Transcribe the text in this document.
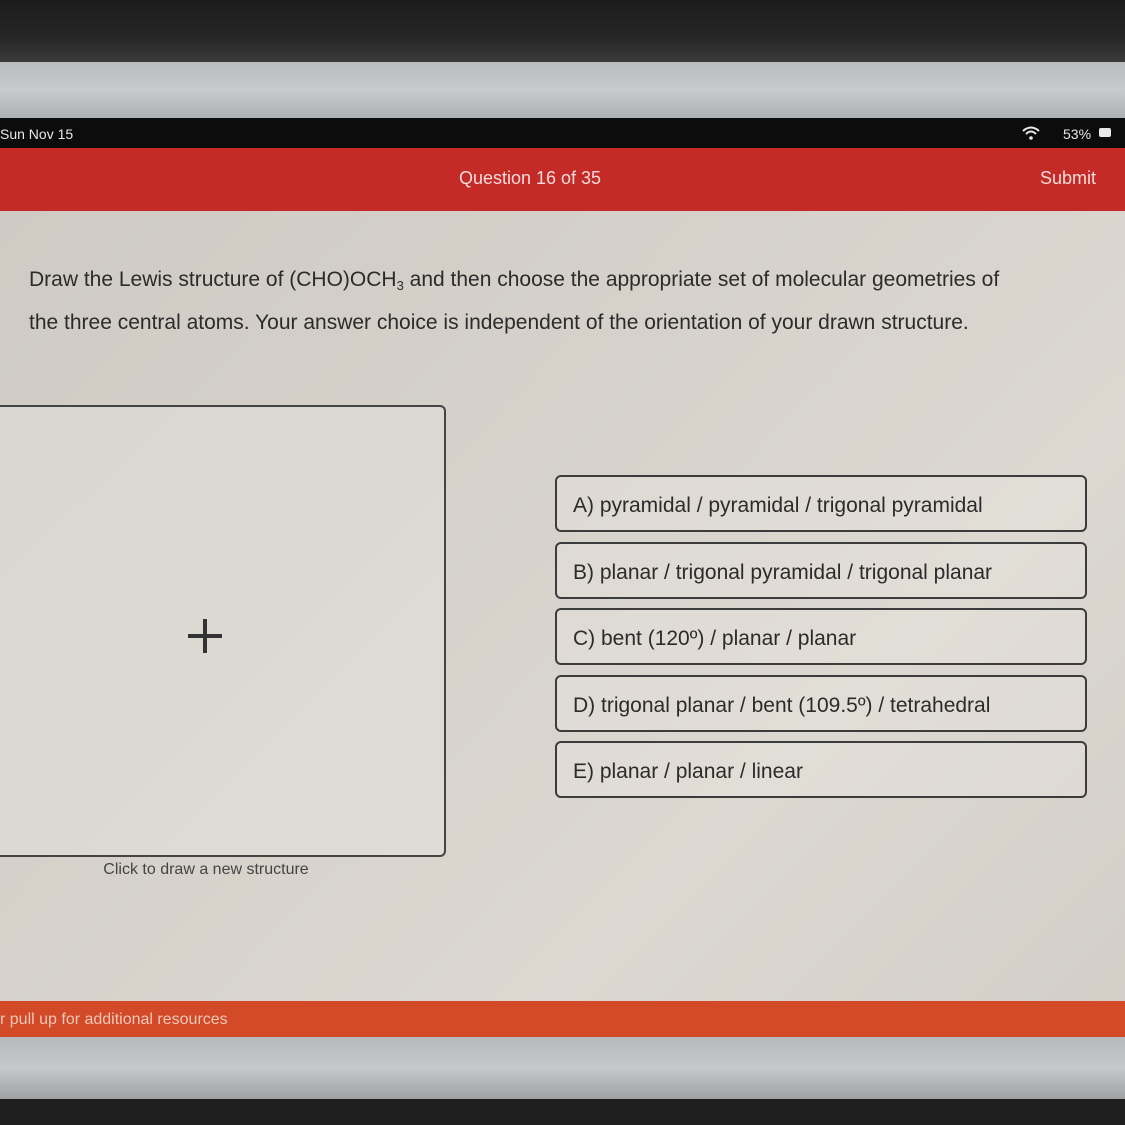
Sun Nov 15	53%
Question 16 of 35	Submit
Draw the Lewis structure of $(CHO)OCH_3$ and then choose the appropriate set of molecular geometries of the three central atoms. Your answer choice is independent of the orientation of your drawn structure.
Click to draw a new structure
A) pyramidal / pyramidal / trigonal pyramidal
B) planar / trigonal pyramidal / trigonal planar
C) bent (120º) / planar / planar
D) trigonal planar / bent (109.5º) / tetrahedral
E) planar / planar / linear
r pull up for additional resources
